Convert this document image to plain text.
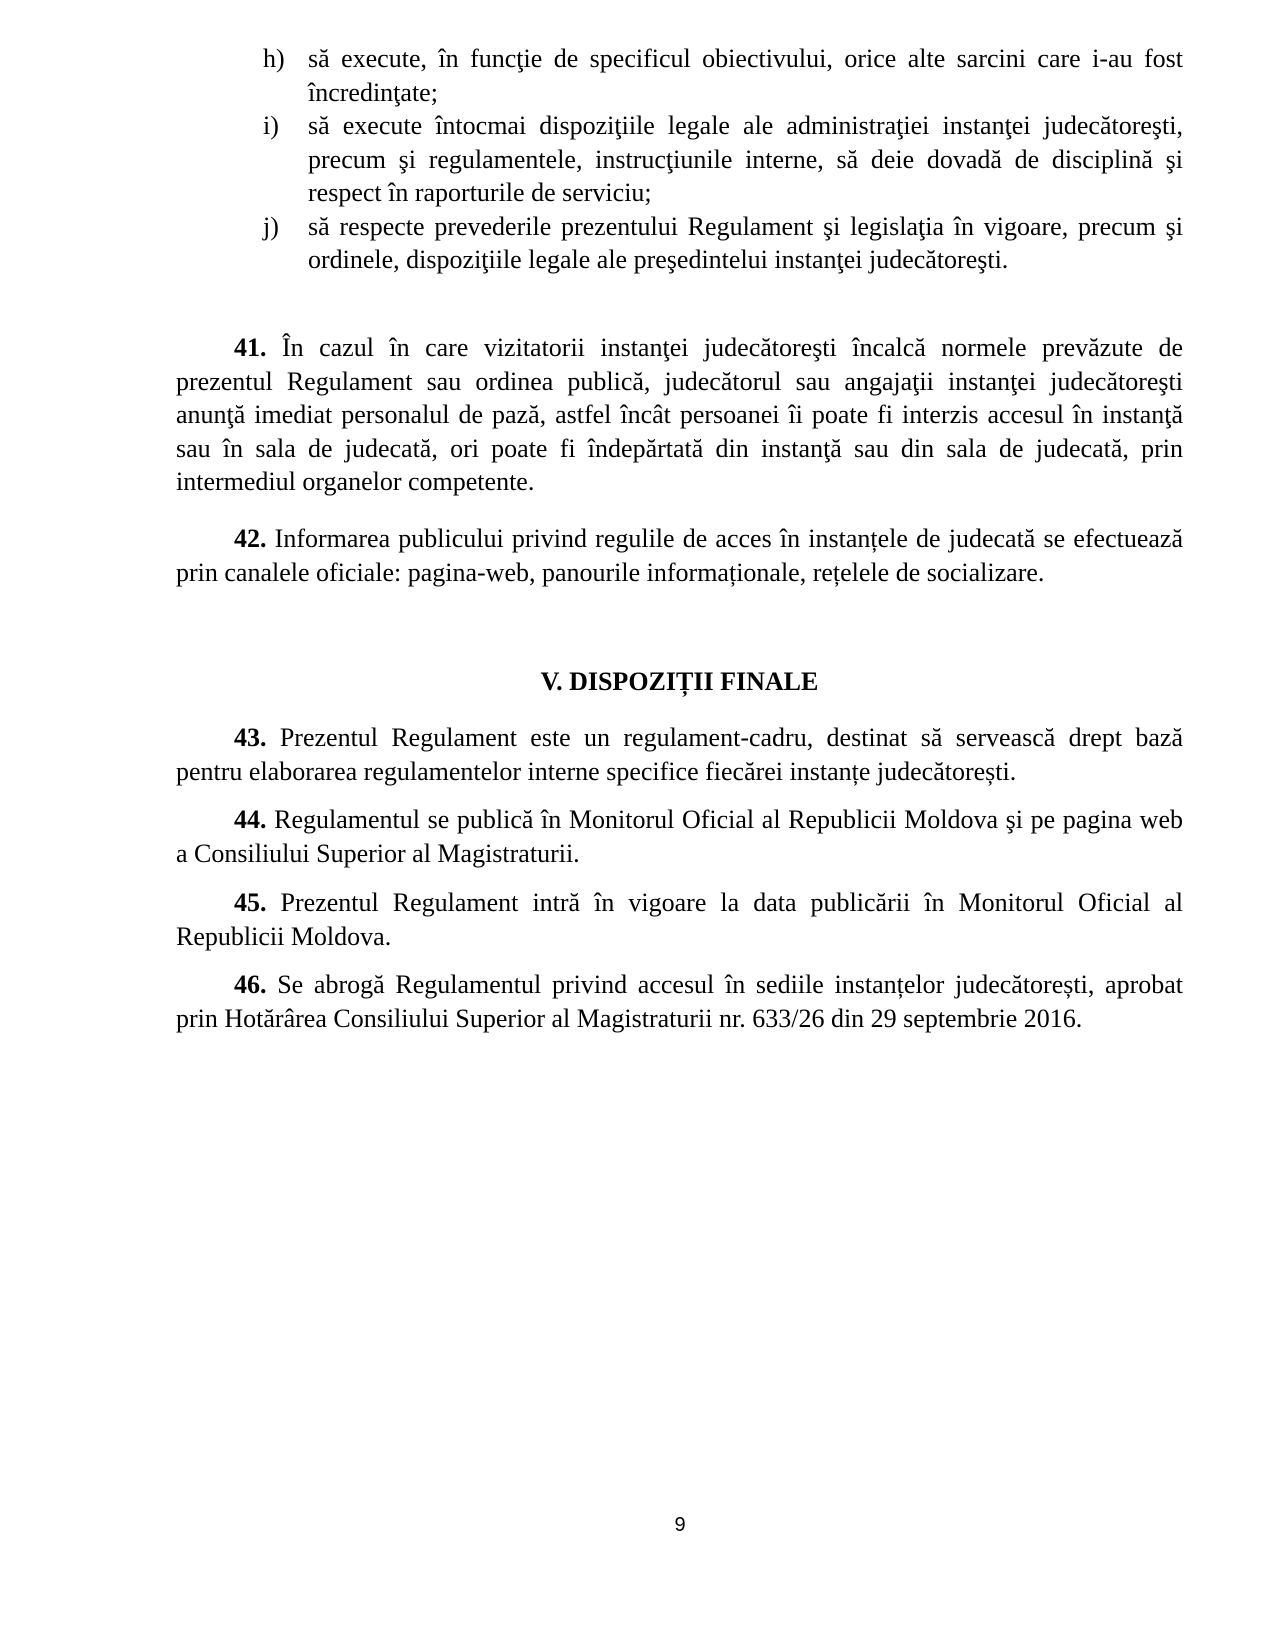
h) să execute, în funcţie de specificul obiectivului, orice alte sarcini care i-au fost încredinţate;
i)	să execute întocmai dispoziţiile legale ale administraţiei instanţei judecătoreşti, precum şi regulamentele, instrucţiunile interne, să deie dovadă de disciplină şi respect în raporturile de serviciu;
j)	să respecte prevederile prezentului Regulament şi legislaţia în vigoare, precum şi ordinele, dispoziţiile legale ale preşedintelui instanţei judecătoreşti.

41. În cazul în care vizitatorii instanţei judecătoreşti încalcă normele prevăzute de prezentul Regulament sau ordinea publică, judecătorul sau angajaţii instanţei judecătoreşti anunţă imediat personalul de pază, astfel încât persoanei îi poate fi interzis accesul în instanţă sau în sala de judecată, ori poate fi îndepărtată din instanţă sau din sala de judecată, prin intermediul organelor competente.

42. Informarea publicului privind regulile de acces în instanțele de judecată se efectuează prin canalele oficiale: pagina-web, panourile informaționale, rețelele de socializare.

V. DISPOZIȚII FINALE

43. Prezentul Regulament este un regulament-cadru, destinat să servească drept bază pentru elaborarea regulamentelor interne specifice fiecărei instanțe judecătorești.

44. Regulamentul se publică în Monitorul Oficial al Republicii Moldova şi pe pagina web a Consiliului Superior al Magistraturii.

45. Prezentul Regulament intră în vigoare la data publicării în Monitorul Oficial al Republicii Moldova.

46. Se abrogă Regulamentul privind accesul în sediile instanțelor judecătorești, aprobat prin Hotărârea Consiliului Superior al Magistraturii nr. 633/26 din 29 septembrie 2016.

9
